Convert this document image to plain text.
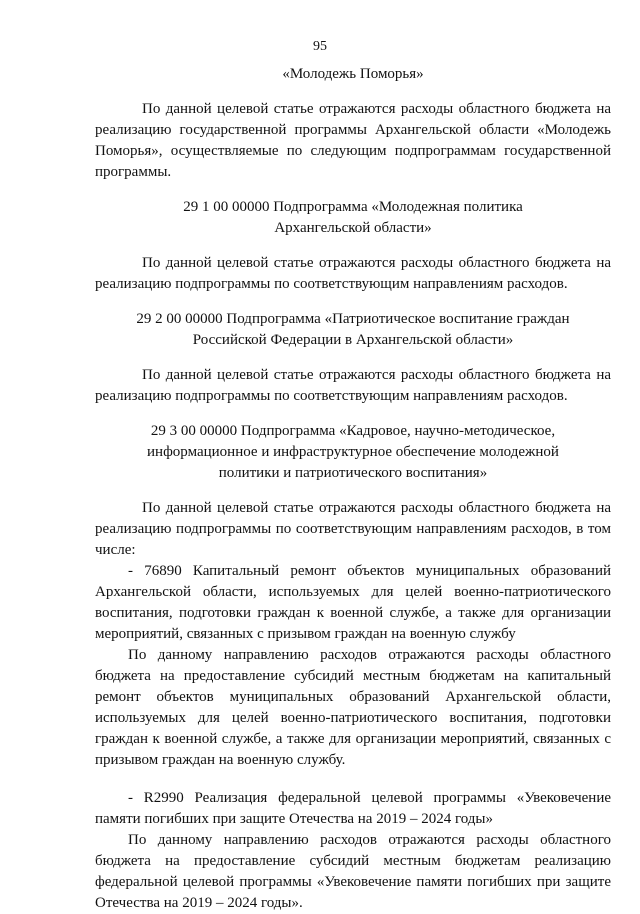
95

«Молодежь Поморья»

По данной целевой статье отражаются расходы областного бюджета на реализацию государственной программы Архангельской области «Молодежь Поморья», осуществляемые по следующим подпрограммам государственной программы.

29 1 00 00000 Подпрограмма «Молодежная политика

Архангельской области»

По данной целевой статье отражаются расходы областного бюджета на реализацию подпрограммы по соответствующим направлениям расходов.

29 2 00 00000 Подпрограмма «Патриотическое воспитание граждан

Российской Федерации в Архангельской области»

По данной целевой статье отражаются расходы областного бюджета на реализацию подпрограммы по соответствующим направлениям расходов.

29 3 00 00000 Подпрограмма «Кадровое, научно-методическое,

информационное и инфраструктурное обеспечение молодежной

политики и патриотического воспитания»

По данной целевой статье отражаются расходы областного бюджета на реализацию подпрограммы по соответствующим направлениям расходов, в том числе:

- 76890 Капитальный ремонт объектов муниципальных образований Архангельской области, используемых для целей военно-патриотического воспитания, подготовки граждан к военной службе, а также для организации мероприятий, связанных с призывом граждан на военную службу

По данному направлению расходов отражаются расходы областного бюджета на предоставление субсидий местным бюджетам на капитальный ремонт объектов муниципальных образований Архангельской области, используемых для целей военно-патриотического воспитания, подготовки граждан к военной службе, а также для организации мероприятий, связанных с призывом граждан на военную службу.

- R2990 Реализация федеральной целевой программы «Увековечение памяти погибших при защите Отечества на 2019 – 2024 годы»

По данному направлению расходов отражаются расходы областного бюджета на предоставление субсидий местным бюджетам реализацию федеральной целевой программы «Увековечение памяти погибших при защите Отечества на 2019 – 2024 годы».
